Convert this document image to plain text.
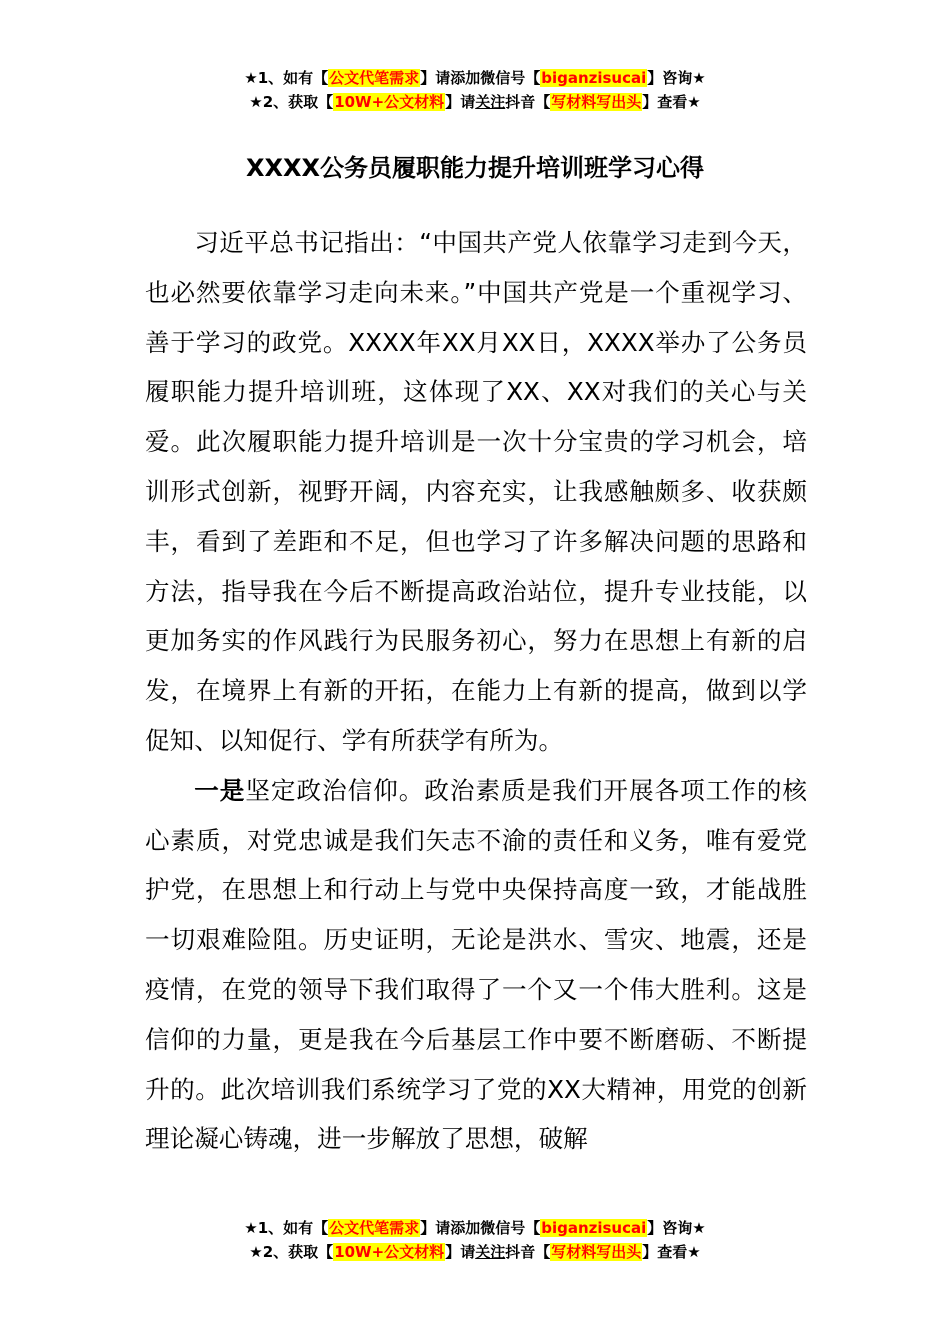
★1、如有【公文代笔需求】请添加微信号【biganzisucai】咨询★
★2、获取【10W+公文材料】请关注抖音【写材料写出头】查看★
XXXX公务员履职能力提升培训班学习心得

习近平总书记指出：“中国共产党人依靠学习走到今天，也必然要依靠学习走向未来。”中国共产党是一个重视学习、善于学习的政党。XXXX年XX月XX日，XXXX举办了公务员履职能力提升培训班，这体现了XX、XX对我们的关心与关爱。此次履职能力提升培训是一次十分宝贵的学习机会，培训形式创新，视野开阔，内容充实，让我感触颇多、收获颇丰，看到了差距和不足，但也学习了许多解决问题的思路和方法，指导我在今后不断提高政治站位，提升专业技能，以更加务实的作风践行为民服务初心，努力在思想上有新的启发，在境界上有新的开拓，在能力上有新的提高，做到以学促知、以知促行、学有所获学有所为。

一是坚定政治信仰。政治素质是我们开展各项工作的核心素质，对党忠诚是我们矢志不渝的责任和义务，唯有爱党护党，在思想上和行动上与党中央保持高度一致，才能战胜一切艰难险阻。历史证明，无论是洪水、雪灾、地震，还是疫情，在党的领导下我们取得了一个又一个伟大胜利。这是信仰的力量，更是我在今后基层工作中要不断磨砺、不断提升的。此次培训我们系统学习了党的XX大精神，用党的创新理论凝心铸魂，进一步解放了思想，破解

★1、如有【公文代笔需求】请添加微信号【biganzisucai】咨询★
★2、获取【10W+公文材料】请关注抖音【写材料写出头】查看★
